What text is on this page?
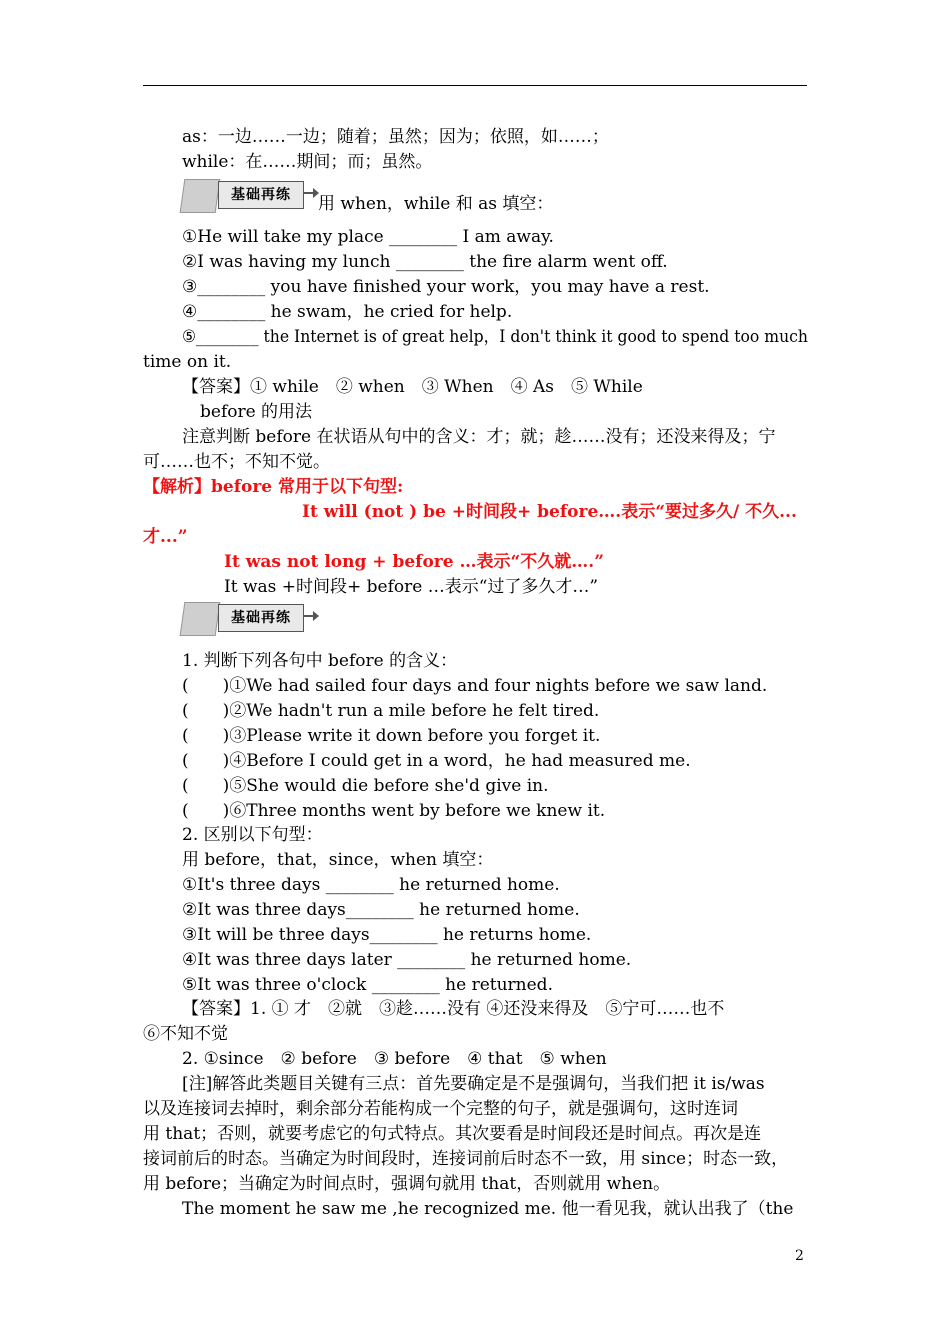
as：一边……一边；随着；虽然；因为；依照，如……；
while：在……期间；而；虽然。
基础再练	用 when，while 和 as 填空：
①He will take my place ________ I am away.
②I was having my lunch ________ the fire alarm went off.
③________ you have finished your work，you may have a rest.
④________ he swam，he cried for help.
⑤________ the Internet is of great help，I don't think it good to spend too much
time on it.
【答案】① while　② when　③ When　④ As　⑤ While
before 的用法
注意判断 before 在状语从句中的含义：才；就；趁……没有；还没来得及；宁
可……也不；不知不觉。
【解析】before 常用于以下句型:
It will (not ) be +时间段+ before….表示“要过多久/ 不久...
才...”
It was not long + before …表示“不久就….”
It was +时间段+ before …表示“过了多久才…”
基础再练
1. 判断下列各句中 before 的含义：
(　　)①We had sailed four days and four nights before we saw land.
(　　)②We hadn't run a mile before he felt tired.
(　　)③Please write it down before you forget it.
(　　)④Before I could get in a word，he had measured me.
(　　)⑤She would die before she'd give in.
(　　)⑥Three months went by before we knew it.
2. 区别以下句型：
用 before，that，since，when 填空：
①It's three days ________ he returned home.
②It was three days________ he returned home.
③It will be three days________ he returns home.
④It was three days later ________ he returned home.
⑤It was three o'clock ________ he returned.
【答案】1. ① 才　②就　③趁……没有 ④还没来得及　⑤宁可……也不
⑥不知不觉
2. ①since　② before　③ before　④ that　⑤ when
[注]解答此类题目关键有三点：首先要确定是不是强调句，当我们把 it is/was
以及连接词去掉时，剩余部分若能构成一个完整的句子，就是强调句，这时连词
用 that；否则，就要考虑它的句式特点。其次要看是时间段还是时间点。再次是连
接词前后的时态。当确定为时间段时，连接词前后时态不一致，用 since；时态一致，
用 before；当确定为时间点时，强调句就用 that，否则就用 when。
The moment he saw me ,he recognized me. 他一看见我，就认出我了（the
2
